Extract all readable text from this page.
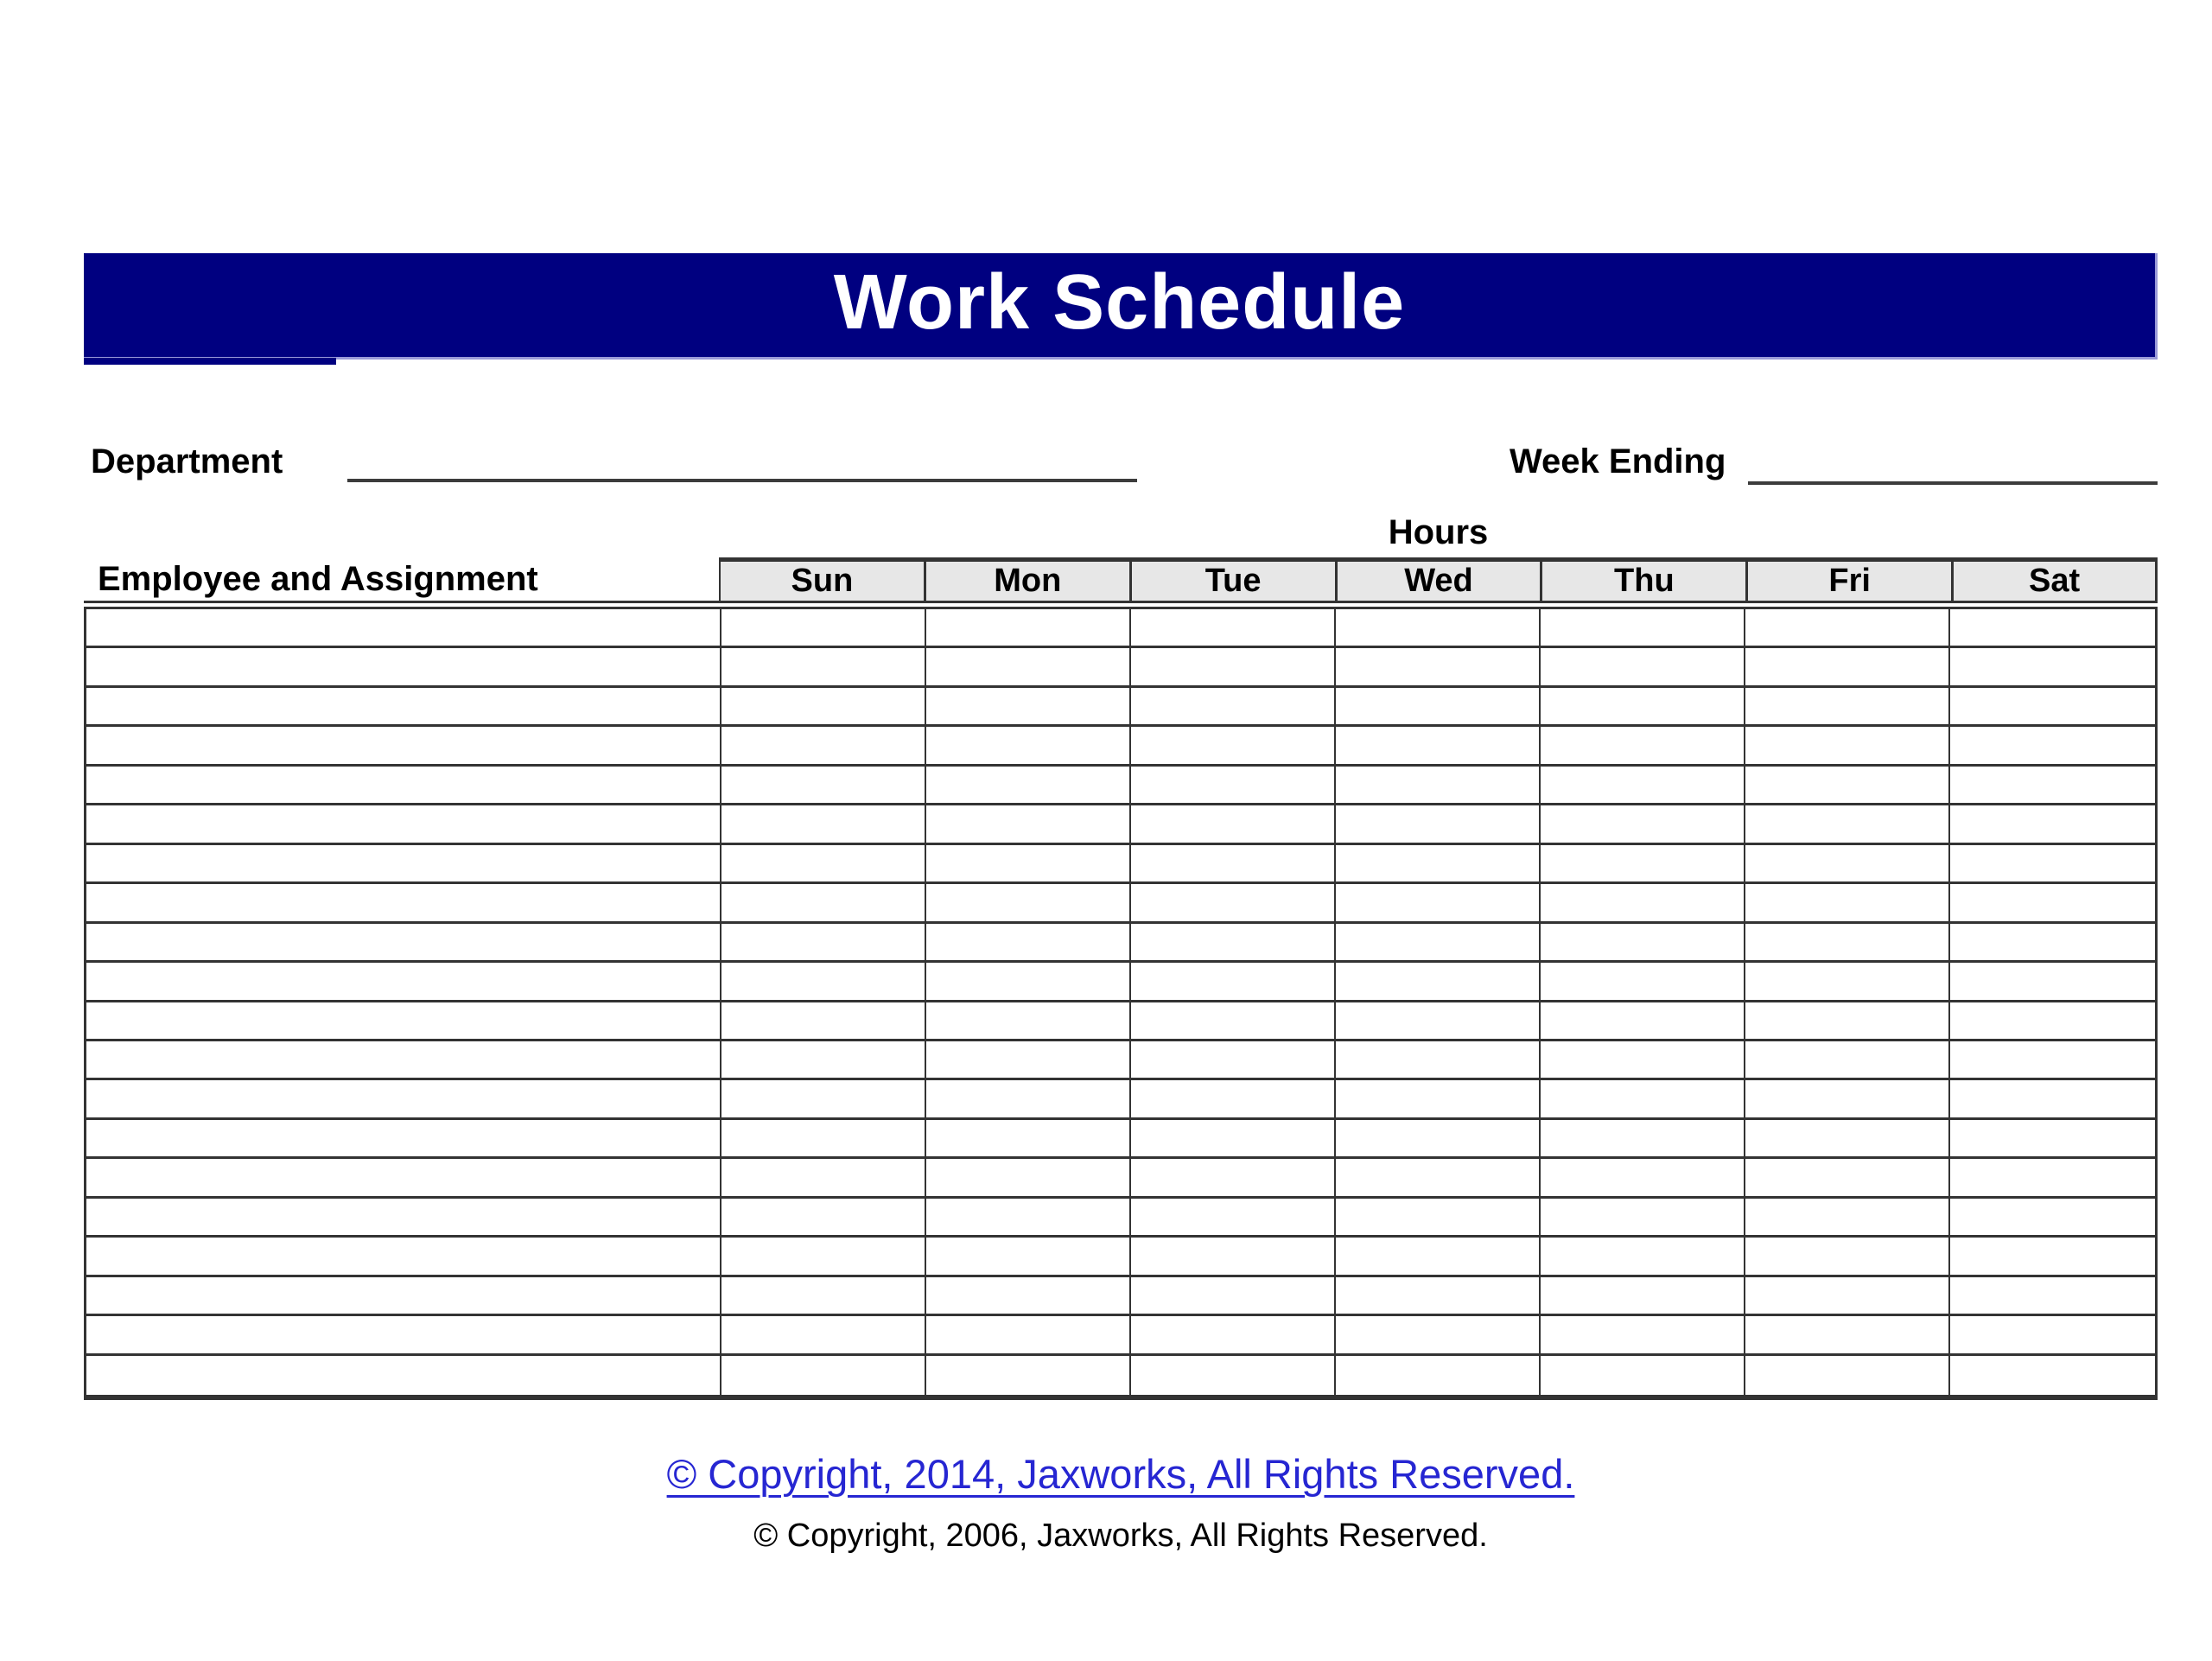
Work Schedule
Department	Week Ending
Hours
Employee and Assignment	Sun	Mon	Tue	Wed	Thu	Fri	Sat
© Copyright, 2014, Jaxworks, All Rights Reserved.
© Copyright, 2006, Jaxworks, All Rights Reserved.
